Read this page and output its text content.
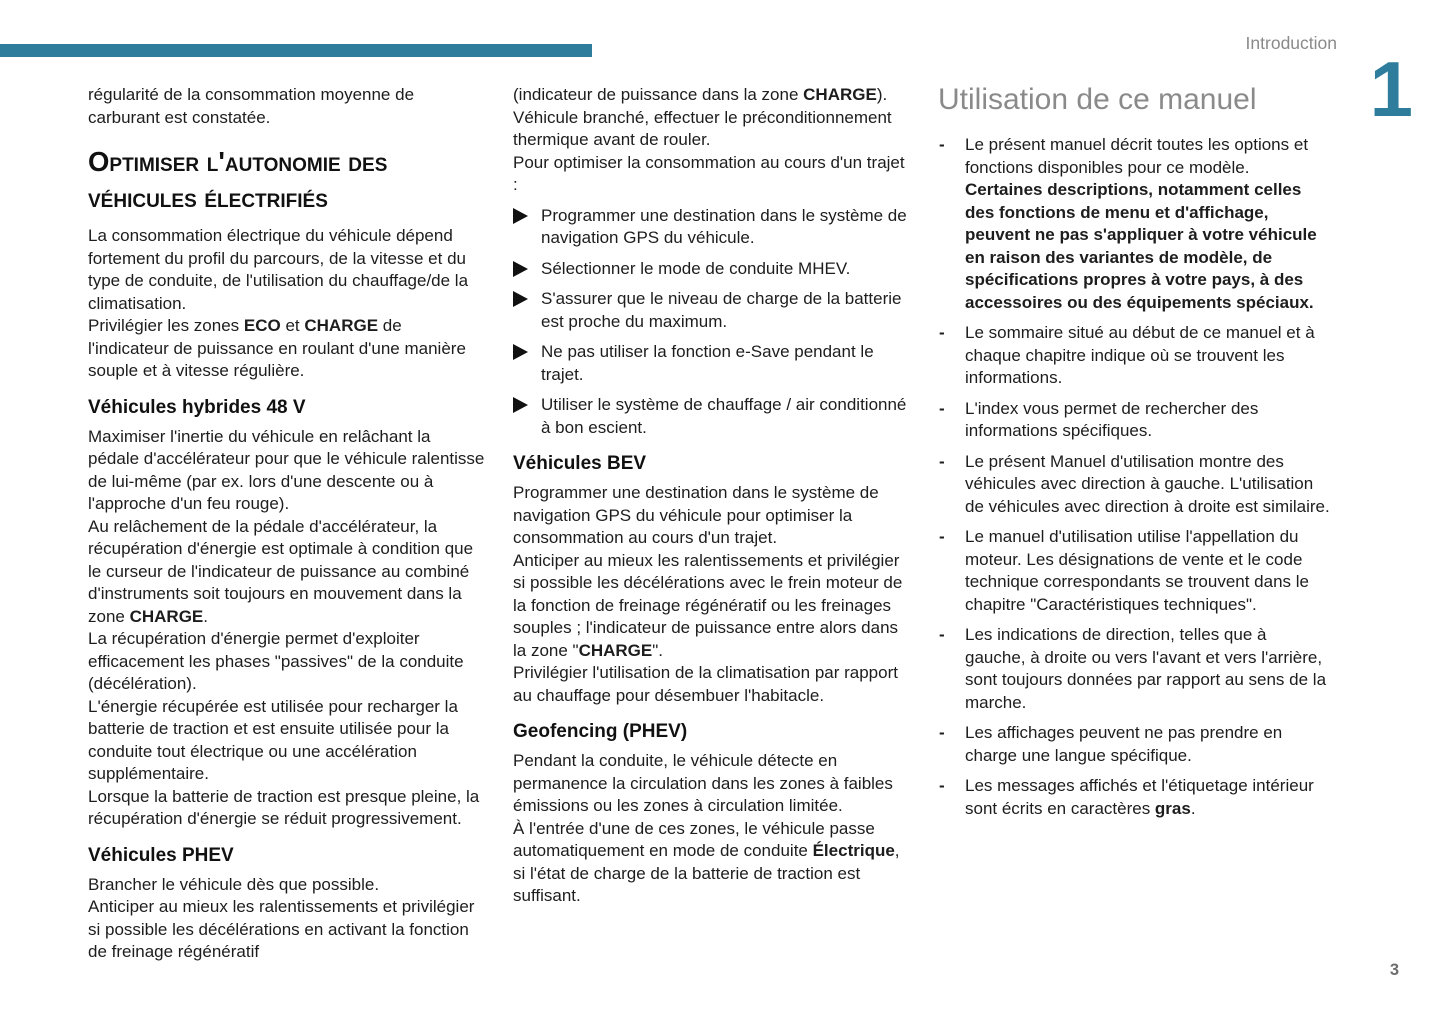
Introduction
1
régularité de la consommation moyenne de carburant est constatée.
Optimiser l'autonomie des véhicules électrifiés
La consommation électrique du véhicule dépend fortement du profil du parcours, de la vitesse et du type de conduite, de l'utilisation du chauffage/de la climatisation.
Privilégier les zones ECO et CHARGE de l'indicateur de puissance en roulant d'une manière souple et à vitesse régulière.
Véhicules hybrides 48 V
Maximiser l'inertie du véhicule en relâchant la pédale d'accélérateur pour que le véhicule ralentisse de lui-même (par ex. lors d'une descente ou à l'approche d'un feu rouge).
Au relâchement de la pédale d'accélérateur, la récupération d'énergie est optimale à condition que le curseur de l'indicateur de puissance au combiné d'instruments soit toujours en mouvement dans la zone CHARGE.
La récupération d'énergie permet d'exploiter efficacement les phases "passives" de la conduite (décélération).
L'énergie récupérée est utilisée pour recharger la batterie de traction et est ensuite utilisée pour la conduite tout électrique ou une accélération supplémentaire.
Lorsque la batterie de traction est presque pleine, la récupération d'énergie se réduit progressivement.
Véhicules PHEV
Brancher le véhicule dès que possible.
Anticiper au mieux les ralentissements et privilégier si possible les décélérations en activant la fonction de freinage régénératif
(indicateur de puissance dans la zone CHARGE).
Véhicule branché, effectuer le préconditionnement thermique avant de rouler.
Pour optimiser la consommation au cours d'un trajet :
Programmer une destination dans le système de navigation GPS du véhicule.
Sélectionner le mode de conduite MHEV.
S'assurer que le niveau de charge de la batterie est proche du maximum.
Ne pas utiliser la fonction e-Save pendant le trajet.
Utiliser le système de chauffage / air conditionné à bon escient.
Véhicules BEV
Programmer une destination dans le système de navigation GPS du véhicule pour optimiser la consommation au cours d'un trajet.
Anticiper au mieux les ralentissements et privilégier si possible les décélérations avec le frein moteur de la fonction de freinage régénératif ou les freinages souples ; l'indicateur de puissance entre alors dans la zone "CHARGE".
Privilégier l'utilisation de la climatisation par rapport au chauffage pour désembuer l'habitacle.
Geofencing (PHEV)
Pendant la conduite, le véhicule détecte en permanence la circulation dans les zones à faibles émissions ou les zones à circulation limitée.
À l'entrée d'une de ces zones, le véhicule passe automatiquement en mode de conduite Électrique, si l'état de charge de la batterie de traction est suffisant.
Utilisation de ce manuel
- Le présent manuel décrit toutes les options et fonctions disponibles pour ce modèle. Certaines descriptions, notamment celles des fonctions de menu et d'affichage, peuvent ne pas s'appliquer à votre véhicule en raison des variantes de modèle, de spécifications propres à votre pays, à des accessoires ou des équipements spéciaux.
- Le sommaire situé au début de ce manuel et à chaque chapitre indique où se trouvent les informations.
- L'index vous permet de rechercher des informations spécifiques.
- Le présent Manuel d'utilisation montre des véhicules avec direction à gauche. L'utilisation de véhicules avec direction à droite est similaire.
- Le manuel d'utilisation utilise l'appellation du moteur. Les désignations de vente et le code technique correspondants se trouvent dans le chapitre "Caractéristiques techniques".
- Les indications de direction, telles que à gauche, à droite ou vers l'avant et vers l'arrière, sont toujours données par rapport au sens de la marche.
- Les affichages peuvent ne pas prendre en charge une langue spécifique.
- Les messages affichés et l'étiquetage intérieur sont écrits en caractères gras.
3
